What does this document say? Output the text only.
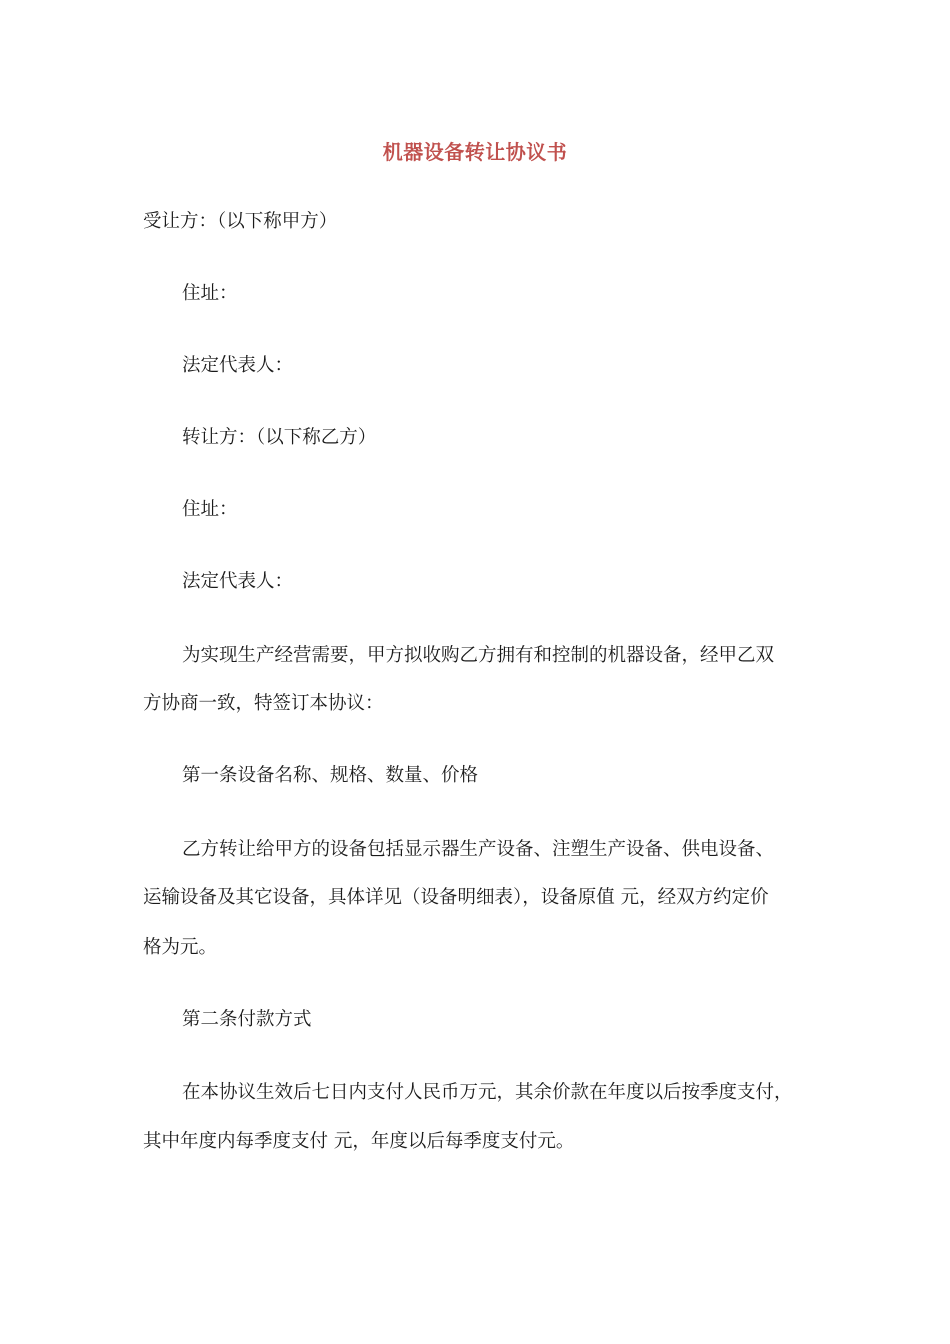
机器设备转让协议书
受让方：（以下称甲方）
住址：
法定代表人：
转让方：（以下称乙方）
住址：
法定代表人：
为实现生产经营需要，甲方拟收购乙方拥有和控制的机器设备，经甲乙双
方协商一致，特签订本协议：
第一条设备名称、规格、数量、价格
乙方转让给甲方的设备包括显示器生产设备、注塑生产设备、供电设备、
运输设备及其它设备，具体详见（设备明细表），设备原值 元，经双方约定价
格为元。
第二条付款方式
在本协议生效后七日内支付人民币万元，其余价款在年度以后按季度支付，
其中年度内每季度支付 元，年度以后每季度支付元。
